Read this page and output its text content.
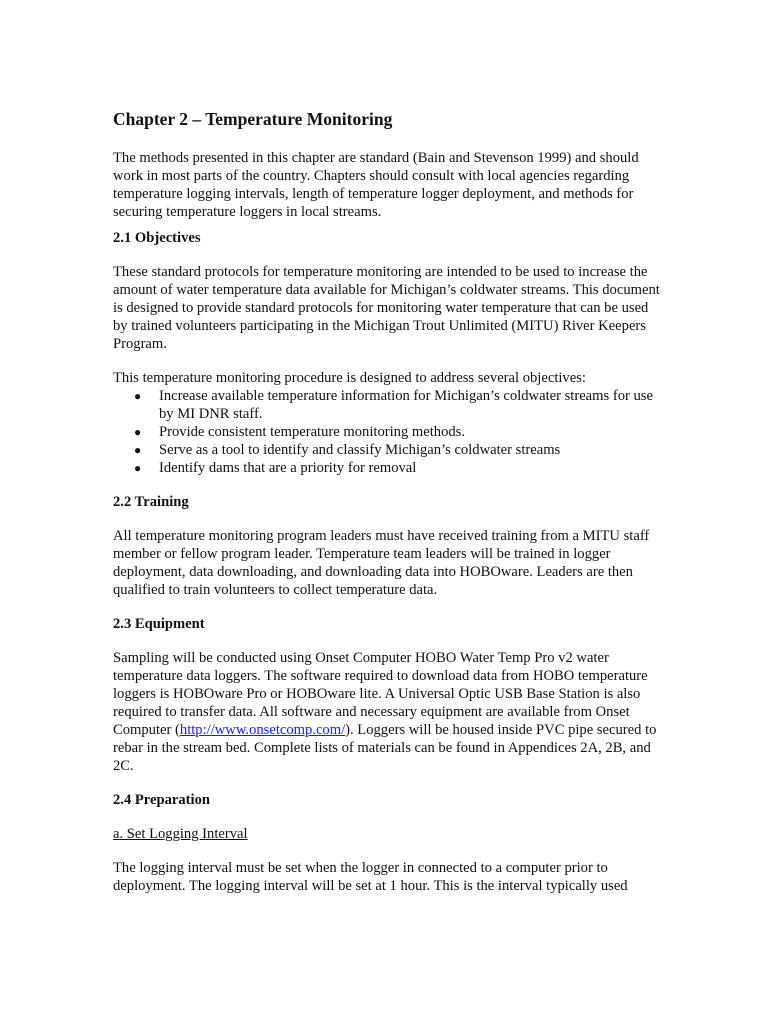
Chapter 2 – Temperature Monitoring

The methods presented in this chapter are standard (Bain and Stevenson 1999) and should work in most parts of the country. Chapters should consult with local agencies regarding temperature logging intervals, length of temperature logger deployment, and methods for securing temperature loggers in local streams.

2.1 Objectives

These standard protocols for temperature monitoring are intended to be used to increase the amount of water temperature data available for Michigan’s coldwater streams. This document is designed to provide standard protocols for monitoring water temperature that can be used by trained volunteers participating in the Michigan Trout Unlimited (MITU) River Keepers Program.

This temperature monitoring procedure is designed to address several objectives:

● Increase available temperature information for Michigan’s coldwater streams for use by MI DNR staff.
● Provide consistent temperature monitoring methods.
● Serve as a tool to identify and classify Michigan’s coldwater streams
● Identify dams that are a priority for removal
2.2 Training

All temperature monitoring program leaders must have received training from a MITU staff member or fellow program leader. Temperature team leaders will be trained in logger deployment, data downloading, and downloading data into HOBOware. Leaders are then qualified to train volunteers to collect temperature data.

2.3 Equipment

Sampling will be conducted using Onset Computer HOBO Water Temp Pro v2 water temperature data loggers. The software required to download data from HOBO temperature loggers is HOBOware Pro or HOBOware lite. A Universal Optic USB Base Station is also required to transfer data. All software and necessary equipment are available from Onset Computer (http://www.onsetcomp.com/). Loggers will be housed inside PVC pipe secured to rebar in the stream bed. Complete lists of materials can be found in Appendices 2A, 2B, and 2C.

2.4 Preparation

a. Set Logging Interval

The logging interval must be set when the logger in connected to a computer prior to deployment. The logging interval will be set at 1 hour. This is the interval typically used
